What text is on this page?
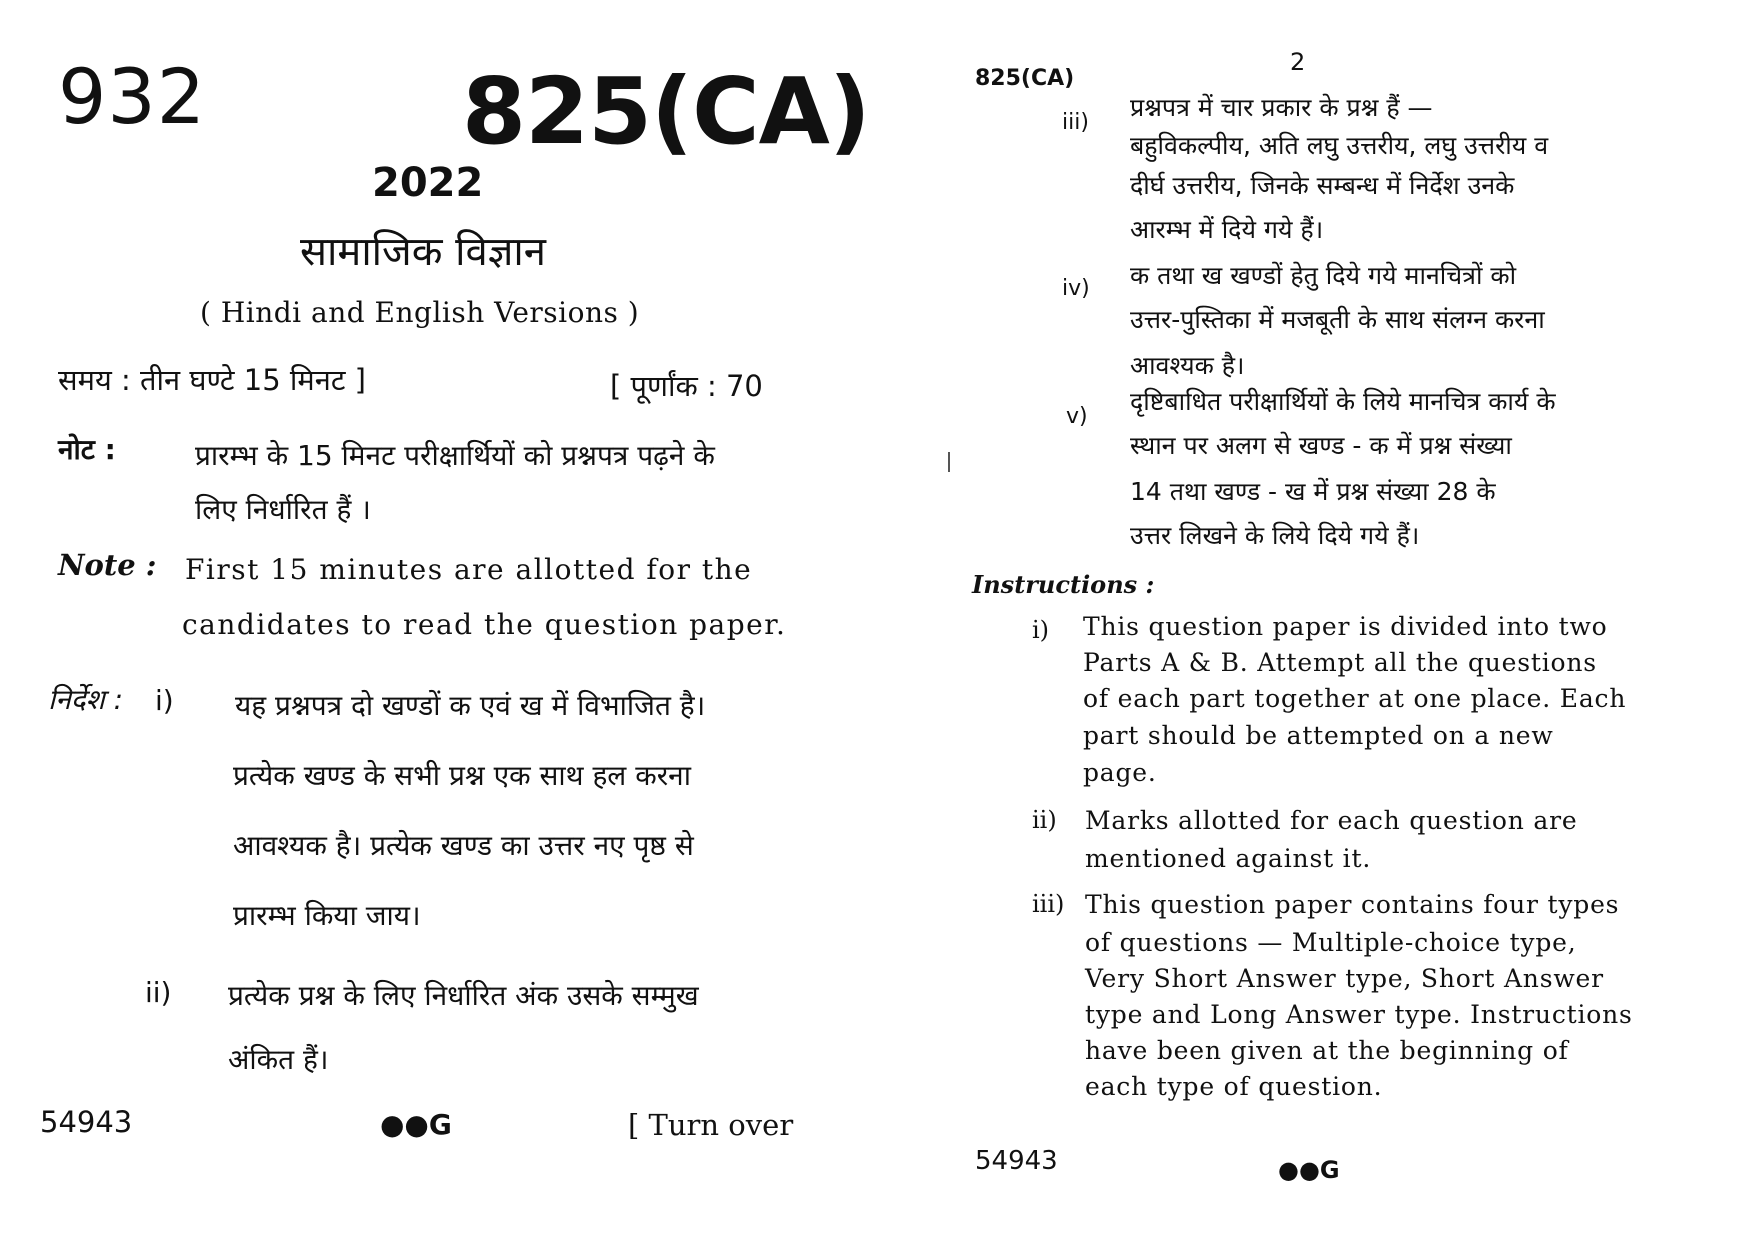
932	825(CA)
2022
सामाजिक विज्ञान
( Hindi and English Versions )
समय : तीन घण्टे 15 मिनट ]	[ पूर्णांक : 70
नोट :	प्रारम्भ के 15 मिनट परीक्षार्थियों को प्रश्नपत्र पढ़ने के
लिए निर्धारित हैं ।
Note : First 15 minutes are allotted for the
candidates to read the question paper.
निर्देश : i) यह प्रश्नपत्र दो खण्डों क एवं ख में विभाजित है।
प्रत्येक खण्ड के सभी प्रश्न एक साथ हल करना
आवश्यक है। प्रत्येक खण्ड का उत्तर नए पृष्ठ से
प्रारम्भ किया जाय।
ii) प्रत्येक प्रश्न के लिए निर्धारित अंक उसके सम्मुख
अंकित हैं।
54943	●●G	[ Turn over
2
825(CA)
iii)
प्रश्नपत्र में चार प्रकार के प्रश्न हैं —
बहुविकल्पीय, अति लघु उत्तरीय, लघु उत्तरीय व
दीर्घ उत्तरीय, जिनके सम्बन्ध में निर्देश उनके
आरम्भ में दिये गये हैं।
iv) क तथा ख खण्डों हेतु दिये गये मानचित्रों को
उत्तर-पुस्तिका में मजबूती के साथ संलग्न करना
आवश्यक है।
v)
दृष्टिबाधित परीक्षार्थियों के लिये मानचित्र कार्य के
स्थान पर अलग से खण्ड - क में प्रश्न संख्या
14 तथा खण्ड - ख में प्रश्न संख्या 28 के
उत्तर लिखने के लिये दिये गये हैं।
Instructions :
i) This question paper is divided into two
Parts A & B. Attempt all the questions
of each part together at one place. Each
part should be attempted on a new
page.
ii) Marks allotted for each question are
mentioned against it.
iii) This question paper contains four types
of questions — Multiple-choice type,
Very Short Answer type, Short Answer
type and Long Answer type. Instructions
have been given at the beginning of
each type of question.
54943	●●G
